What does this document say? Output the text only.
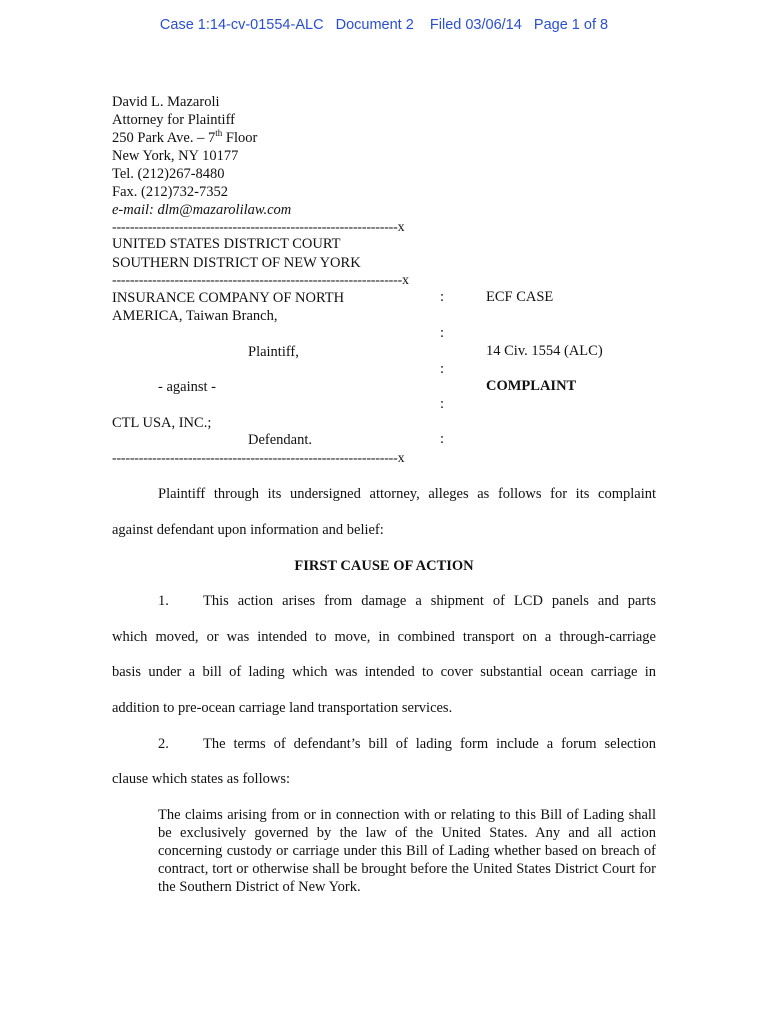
Case 1:14-cv-01554-ALC   Document 2    Filed 03/06/14   Page 1 of 8
David L. Mazaroli
Attorney for Plaintiff
250 Park Ave. – 7th Floor
New York, NY 10177
Tel. (212)267-8480
Fax. (212)732-7352
e-mail: dlm@mazarolilaw.com
----------------------------------------------------------------x
UNITED STATES DISTRICT COURT
SOUTHERN DISTRICT OF NEW YORK
-----------------------------------------------------------------x
INSURANCE COMPANY OF NORTH
AMERICA, Taiwan Branch,
Plaintiff,
- against -
CTL USA, INC.;
Defendant.
:
:
:
:
:
ECF CASE
14 Civ. 1554 (ALC)
COMPLAINT
----------------------------------------------------------------x
Plaintiff through its undersigned attorney, alleges as follows for its complaint
against defendant upon information and belief:
FIRST CAUSE OF ACTION
1. This action arises from damage a shipment of LCD panels and parts
which moved, or was intended to move, in combined transport on a through-carriage
basis under a bill of lading which was intended to cover substantial ocean carriage in
addition to pre-ocean carriage land transportation services.
2. The terms of defendant’s bill of lading form include a forum selection
clause which states as follows:
The claims arising from or in connection with or relating to this Bill of Lading shall be exclusively governed by the law of the United States. Any and all action concerning custody or carriage under this Bill of Lading whether based on breach of contract, tort or otherwise shall be brought before the United States District Court for the Southern District of New York.
